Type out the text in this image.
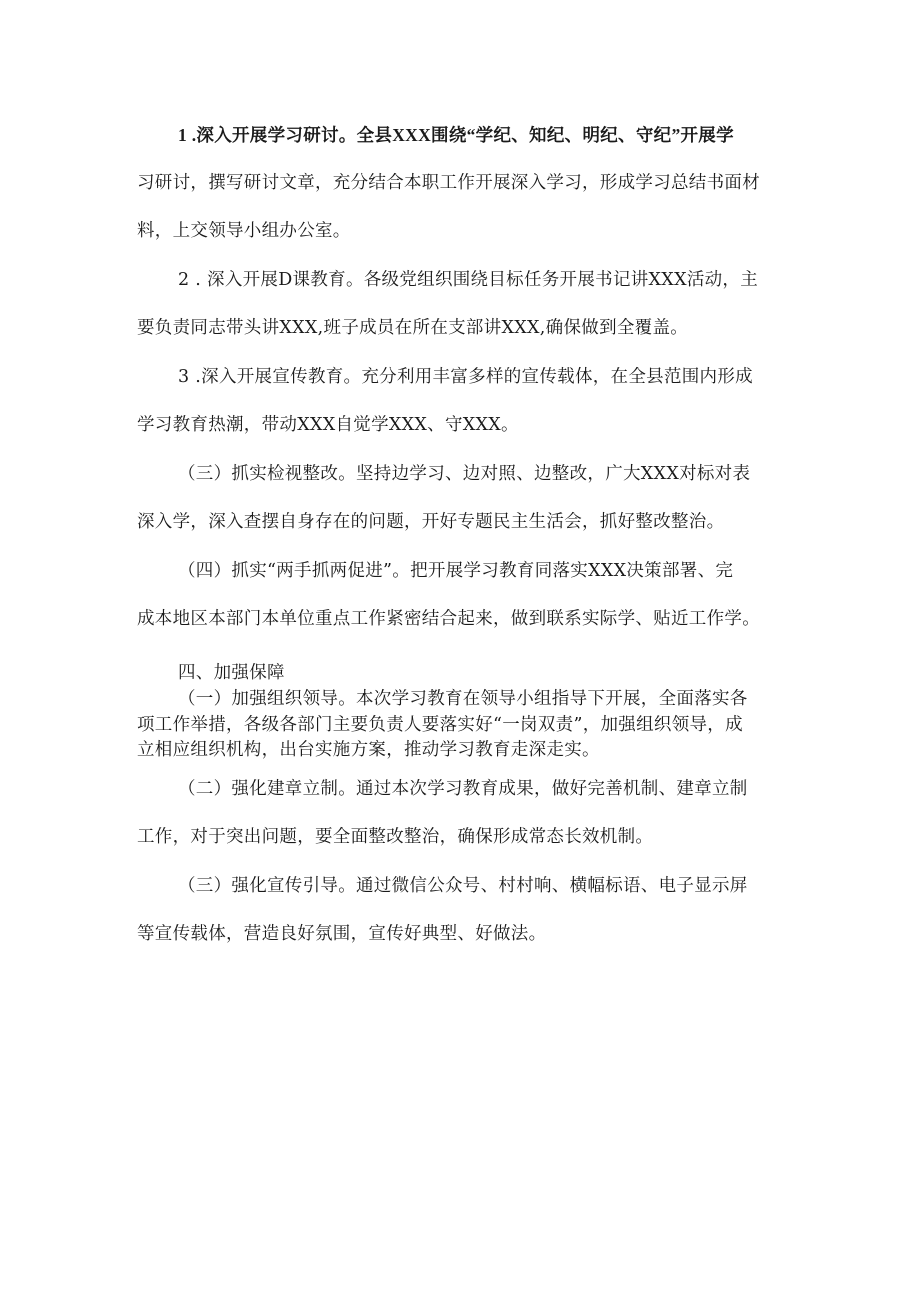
1 .深入开展学习研讨。全县XXX围绕“学纪、知纪、明纪、守纪”开展学
习研讨，撰写研讨文章，充分结合本职工作开展深入学习，形成学习总结书面材
料，上交领导小组办公室。
2 . 深入开展D课教育。各级党组织围绕目标任务开展书记讲XXX活动，主
要负责同志带头讲XXX,班子成员在所在支部讲XXX,确保做到全覆盖。
3 .深入开展宣传教育。充分利用丰富多样的宣传载体，在全县范围内形成
学习教育热潮，带动XXX自觉学XXX、守XXX。
（三）抓实检视整改。坚持边学习、边对照、边整改，广大XXX对标对表
深入学，深入查摆自身存在的问题，开好专题民主生活会，抓好整改整治。
（四）抓实“两手抓两促进”。把开展学习教育同落实XXX决策部署、完
成本地区本部门本单位重点工作紧密结合起来，做到联系实际学、贴近工作学。
四、加强保障
（一）加强组织领导。本次学习教育在领导小组指导下开展，全面落实各
项工作举措，各级各部门主要负责人要落实好“一岗双责”，加强组织领导，成
立相应组织机构，出台实施方案，推动学习教育走深走实。
（二）强化建章立制。通过本次学习教育成果，做好完善机制、建章立制
工作，对于突出问题，要全面整改整治，确保形成常态长效机制。
（三）强化宣传引导。通过微信公众号、村村响、横幅标语、电子显示屏
等宣传载体，营造良好氛围，宣传好典型、好做法。
